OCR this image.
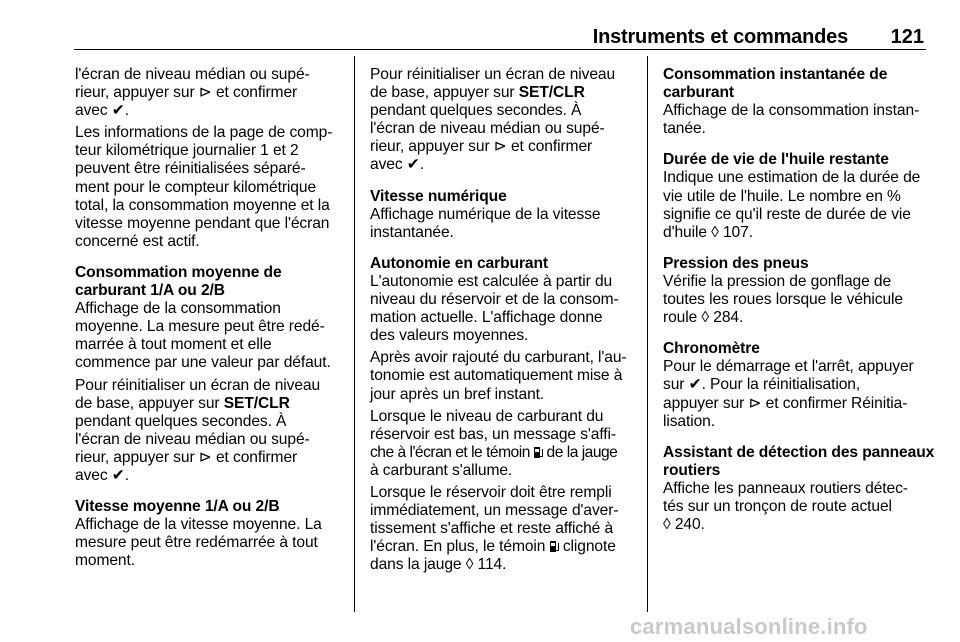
Instruments et commandes 121
l'écran de niveau médian ou supé-
rieur, appuyer sur ⊳ et confirmer
avec ✔.
Les informations de la page de comp-
teur kilométrique journalier 1 et 2
peuvent être réinitialisées séparé-
ment pour le compteur kilométrique
total, la consommation moyenne et la
vitesse moyenne pendant que l'écran
concerné est actif.
Consommation moyenne de
carburant 1/A ou 2/B
Affichage de la consommation
moyenne. La mesure peut être redé-
marrée à tout moment et elle
commence par une valeur par défaut.
Pour réinitialiser un écran de niveau
de base, appuyer sur SET/CLR
pendant quelques secondes. À
l'écran de niveau médian ou supé-
rieur, appuyer sur ⊳ et confirmer
avec ✔.
Vitesse moyenne 1/A ou 2/B
Affichage de la vitesse moyenne. La
mesure peut être redémarrée à tout
moment.
Pour réinitialiser un écran de niveau
de base, appuyer sur SET/CLR
pendant quelques secondes. À
l'écran de niveau médian ou supé-
rieur, appuyer sur ⊳ et confirmer
avec ✔.
Vitesse numérique
Affichage numérique de la vitesse
instantanée.
Autonomie en carburant
L'autonomie est calculée à partir du
niveau du réservoir et de la consom-
mation actuelle. L'affichage donne
des valeurs moyennes.
Après avoir rajouté du carburant, l'au-
tonomie est automatiquement mise à
jour après un bref instant.
Lorsque le niveau de carburant du
réservoir est bas, un message s'affi-
che à l'écran et le témoin
de la jauge
à carburant s'allume.
Lorsque le réservoir doit être rempli
immédiatement, un message d'aver-
tissement s'affiche et reste affiché à
l'écran. En plus, le témoin
clignote
dans la jauge ◊ 114.
Consommation instantanée de
carburant
Affichage de la consommation instan-
tanée.
Durée de vie de l'huile restante
Indique une estimation de la durée de
vie utile de l'huile. Le nombre en %
signifie ce qu'il reste de durée de vie
d'huile ◊ 107.
Pression des pneus
Vérifie la pression de gonflage de
toutes les roues lorsque le véhicule
roule ◊ 284.
Chronomètre
Pour le démarrage et l'arrêt, appuyer
sur ✔. Pour la réinitialisation,
appuyer sur ⊳ et confirmer Réinitia-
lisation.
Assistant de détection des panneaux
routiers
Affiche les panneaux routiers détec-
tés sur un tronçon de route actuel
◊ 240.
carmanualsonline.info
